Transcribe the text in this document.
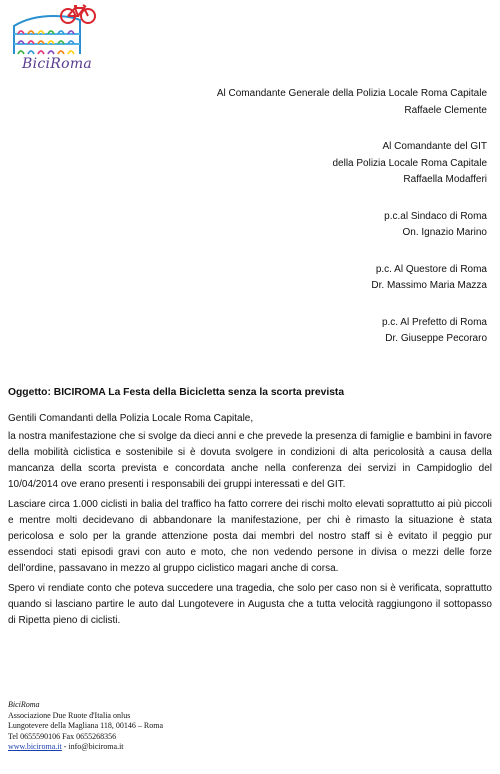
BiciRoma
Al Comandante Generale della Polizia Locale Roma Capitale
Raffaele Clemente
Al Comandante del GIT
della Polizia Locale Roma Capitale
Raffaella Modafferi
p.c.al Sindaco di Roma
On. Ignazio Marino
p.c. Al Questore di Roma
Dr. Massimo Maria Mazza
p.c. Al Prefetto di Roma
Dr. Giuseppe Pecoraro
Oggetto: BICIROMA La Festa della Bicicletta senza la scorta prevista
Gentili Comandanti della Polizia Locale Roma Capitale,

la nostra manifestazione che si svolge da dieci anni e che prevede la presenza di famiglie e bambini in favore della mobilità ciclistica e sostenibile si è dovuta svolgere in condizioni di alta pericolosità a causa della mancanza della scorta prevista e concordata anche nella conferenza dei servizi in Campidoglio del 10/04/2014 ove erano presenti i responsabili dei gruppi interessati e del GIT.

Lasciare circa 1.000 ciclisti in balia del traffico ha fatto correre dei rischi molto elevati soprattutto ai più piccoli e mentre molti decidevano di abbandonare la manifestazione, per chi è rimasto la situazione è stata pericolosa e solo per la grande attenzione posta dai membri del nostro staff si è evitato il peggio pur essendoci stati episodi gravi con auto e moto, che non vedendo persone in divisa o mezzi delle forze dell'ordine, passavano in mezzo al gruppo ciclistico magari anche di corsa.

Spero vi rendiate conto che poteva succedere una tragedia, che solo per caso non si è verificata, soprattutto quando si lasciano partire le auto dal Lungotevere in Augusta che a tutta velocità raggiungono il sottopasso di Ripetta pieno di ciclisti.

BiciRoma
Associazione Due Ruote d'Italia onlus
Lungotevere della Magliana 118, 00146 – Roma
Tel 0655590106 Fax 0655268356
www.biciroma.it - info@biciroma.it
